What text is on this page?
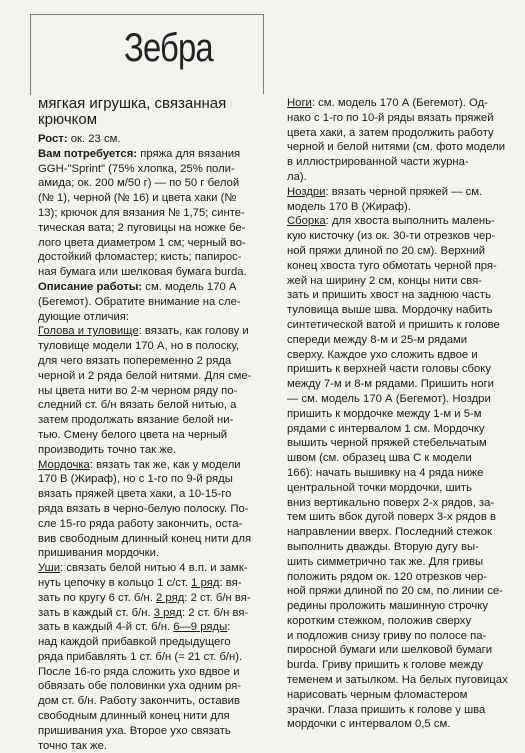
Зебра
мягкая игрушка, связанная
крючком
Рост: ок. 23 см.
Вам потребуется: пряжа для вязания
GGH-"Sprint" (75% хлопка, 25% поли-
амида; ок. 200 м/50 г) — по 50 г белой
(№ 1), черной (№ 16) и цвета хаки (№
13); крючок для вязания № 1,75; синте-
тическая вата; 2 пуговицы на ножке бе-
лого цвета диаметром 1 см; черный во-
достойкий фломастер; кисть; папирос-
ная бумага или шелковая бумага burda.
Описание работы: см. модель 170 А
(Бегемот). Обратите внимание на сле-
дующие отличия:
Голова и туловище: вязать, как голову и
туловище модели 170 А, но в полоску,
для чего вязать попеременно 2 ряда
черной и 2 ряда белой нитями. Для сме-
ны цвета нити во 2-м черном ряду по-
следний ст. б/н вязать белой нитью, а
затем продолжать вязание белой ни-
тью. Смену белого цвета на черный
производить точно так же.
Мордочка: вязать так же, как у модели
170 В (Жираф), но с 1-го по 9-й ряды
вязать пряжей цвета хаки, а 10-15-го
ряда вязать в черно-белую полоску. По-
сле 15-го ряда работу закончить, оста-
вив свободным длинный конец нити для
пришивания мордочки.
Уши: связать белой нитью 4 в.п. и замк-
нуть цепочку в кольцо 1 с/ст. 1 ряд: вя-
зать по кругу 6 ст. б/н. 2 ряд: 2 ст. б/н вя-
зать в каждый ст. б/н. 3 ряд: 2 ст. б/н вя-
зать в каждый 4-й ст. б/н. 6—9 ряды:
над каждой прибавкой предыдущего
ряда прибавлять 1 ст. б/н (= 21 ст. б/н).
После 16-го ряда сложить ухо вдвое и
обвязать обе половинки уха одним ря-
дом ст. б/н. Работу закончить, оставив
свободным длинный конец нити для
пришивания уха. Второе ухо связать
точно так же.
Ноги: см. модель 170 А (Бегемот). Од-
нако с 1-го по 10-й ряды вязать пряжей
цвета хаки, а затем продолжить работу
черной и белой нитями (см. фото модели
в иллюстрированной части журна-
ла).
Ноздри: вязать черной пряжей — см.
модель 170 В (Жираф).
Сборка: для хвоста выполнить малень-
кую кисточку (из ок. 30-ти отрезков чер-
ной пряжи длиной по 20 см). Верхний
конец хвоста туго обмотать черной пря-
жей на ширину 2 см, концы нити свя-
зать и пришить хвост на заднюю часть
туловища выше шва. Мордочку набить
синтетической ватой и пришить к голове
спереди между 8-м и 25-м рядами
сверху. Каждое ухо сложить вдвое и
пришить к верхней части головы сбоку
между 7-м и 8-м рядами. Пришить ноги
— см. модель 170 А (Бегемот). Ноздри
пришить к мордочке между 1-м и 5-м
рядами с интервалом 1 см. Мордочку
вышить черной пряжей стебельчатым
швом (см. образец шва С к модели
166): начать вышивку на 4 ряда ниже
центральной точки мордочки, шить
вниз вертикально поверх 2-х рядов, за-
тем шить вбок дугой поверх 3-х рядов в
направлении вверх. Последний стежок
выполнить дважды. Вторую дугу вы-
шить симметрично так же. Для гривы
положить рядом ок. 120 отрезков чер-
ной пряжи длиной по 20 см, по линии се-
редины проложить машинную строчку
коротким стежком, положив сверху
и подложив снизу гриву по полосе па-
пиросной бумаги или шелковой бумаги
burda. Гриву пришить к голове между
теменем и затылком. На белых пуговицах
нарисовать черным фломастером
зрачки. Глаза пришить к голове у шва
мордочки с интервалом 0,5 см.
